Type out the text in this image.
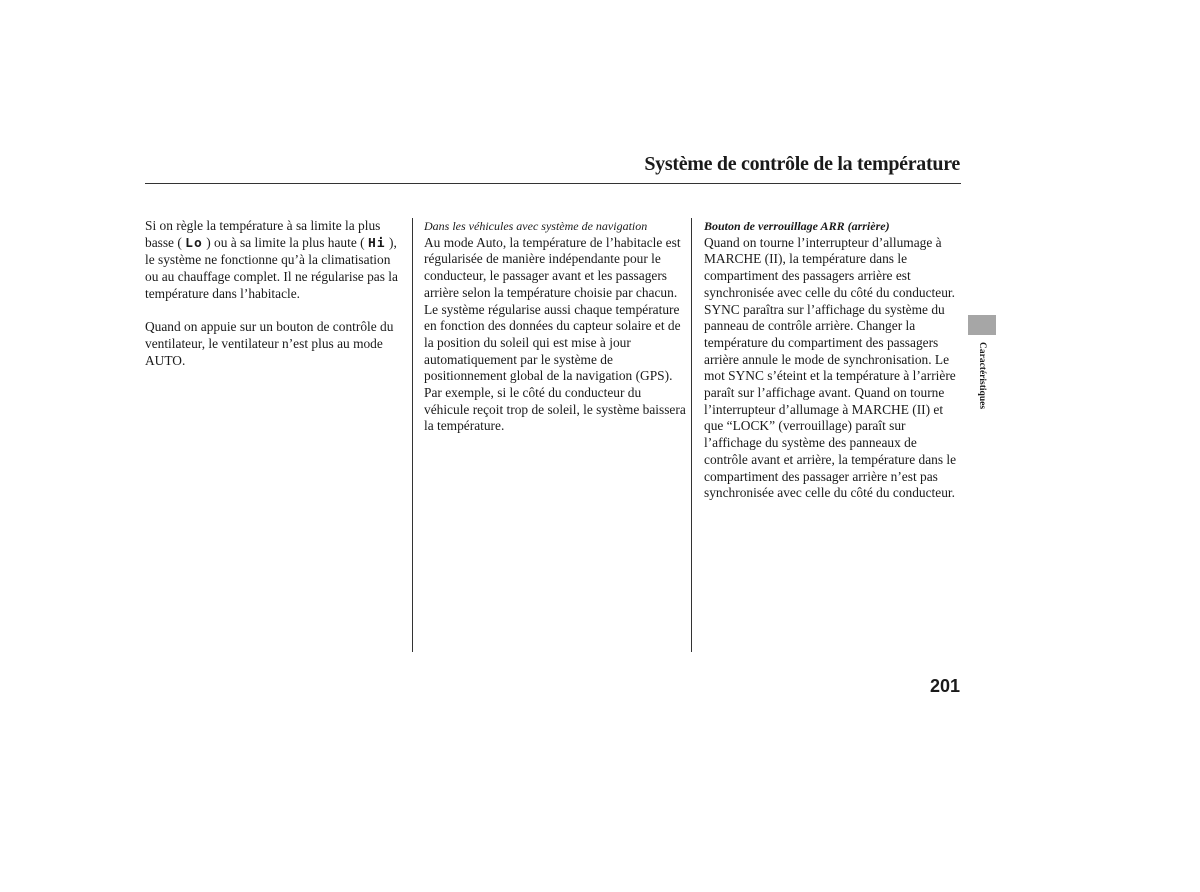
Système de contrôle de la température

Si on règle la température à sa limite la plus basse ( Lo ) ou à sa limite la plus haute ( Hi ), le système ne fonctionne qu’à la climatisation ou au chauffage complet. Il ne régularise pas la température dans l’habitacle.

Quand on appuie sur un bouton de contrôle du ventilateur, le ventilateur n’est plus au mode AUTO.

Dans les véhicules avec système de navigation

Au mode Auto, la température de l’habitacle est régularisée de manière indépendante pour le conducteur, le passager avant et les passagers arrière selon la température choisie par chacun. Le système régularise aussi chaque température en fonction des données du capteur solaire et de la position du soleil qui est mise à jour automatiquement par le système de positionnement global de la navigation (GPS). Par exemple, si le côté du conducteur du véhicule reçoit trop de soleil, le système baissera la température.

Bouton de verrouillage ARR (arrière)

Quand on tourne l’interrupteur d’allumage à MARCHE (II), la température dans le compartiment des passagers arrière est synchronisée avec celle du côté du conducteur. SYNC paraîtra sur l’affichage du système du panneau de contrôle arrière. Changer la température du compartiment des passagers arrière annule le mode de synchronisation. Le mot SYNC s’éteint et la température à l’arrière paraît sur l’affichage avant. Quand on tourne l’interrupteur d’allumage à MARCHE (II) et que “LOCK” (verrouillage) paraît sur l’affichage du système des panneaux de contrôle avant et arrière, la température dans le compartiment des passager arrière n’est pas synchronisée avec celle du côté du conducteur.

Caractéristiques
201
